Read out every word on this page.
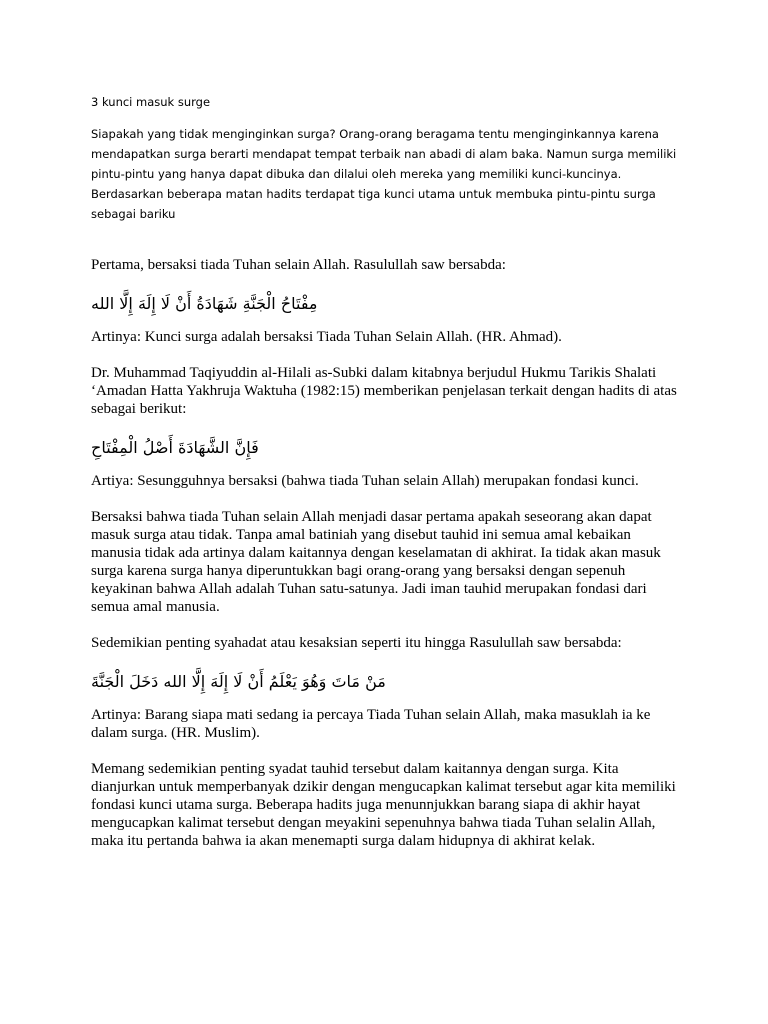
3 kunci masuk surge

Siapakah yang tidak menginginkan surga? Orang-orang beragama tentu menginginkannya karena mendapatkan surga berarti mendapat tempat terbaik nan abadi di alam baka. Namun surga memiliki pintu-pintu yang hanya dapat dibuka dan dilalui oleh mereka yang memiliki kunci-kuncinya. Berdasarkan beberapa matan hadits terdapat tiga kunci utama untuk membuka pintu-pintu surga sebagai bariku

Pertama, bersaksi tiada Tuhan selain Allah. Rasulullah saw bersabda:

مِفْتَاحُ الْجَنَّةِ شَهَادَةُ أَنْ لَا إِلَهَ إِلَّا الله

Artinya: Kunci surga adalah bersaksi Tiada Tuhan Selain Allah. (HR. Ahmad).

Dr. Muhammad Taqiyuddin al-Hilali as-Subki dalam kitabnya berjudul Hukmu Tarikis Shalati ‘Amadan Hatta Yakhruja Waktuha (1982:15) memberikan penjelasan terkait dengan hadits di atas sebagai berikut:

فَإِنَّ الشَّهَادَةَ أَصْلُ الْمِفْتَاحِ

Artiya: Sesungguhnya bersaksi (bahwa tiada Tuhan selain Allah) merupakan fondasi kunci.

Bersaksi bahwa tiada Tuhan selain Allah menjadi dasar pertama apakah seseorang akan dapat masuk surga atau tidak. Tanpa amal batiniah yang disebut tauhid ini semua amal kebaikan manusia tidak ada artinya dalam kaitannya dengan keselamatan di akhirat. Ia tidak akan masuk surga karena surga hanya diperuntukkan bagi orang-orang yang bersaksi dengan sepenuh keyakinan bahwa Allah adalah Tuhan satu-satunya. Jadi iman tauhid merupakan fondasi dari semua amal manusia.

Sedemikian penting syahadat atau kesaksian seperti itu hingga Rasulullah saw bersabda:

مَنْ مَاتَ وَهُوَ يَعْلَمُ أَنْ لَا إِلَهَ إِلَّا الله دَخَلَ الْجَنَّةَ

Artinya: Barang siapa mati sedang ia percaya Tiada Tuhan selain Allah, maka masuklah ia ke dalam surga. (HR. Muslim).

Memang sedemikian penting syadat tauhid tersebut dalam kaitannya dengan surga. Kita dianjurkan untuk memperbanyak dzikir dengan mengucapkan kalimat tersebut agar kita memiliki fondasi kunci utama surga. Beberapa hadits juga menunnjukkan barang siapa di akhir hayat mengucapkan kalimat tersebut dengan meyakini sepenuhnya bahwa tiada Tuhan selalin Allah, maka itu pertanda bahwa ia akan menemapti surga dalam hidupnya di akhirat kelak.
